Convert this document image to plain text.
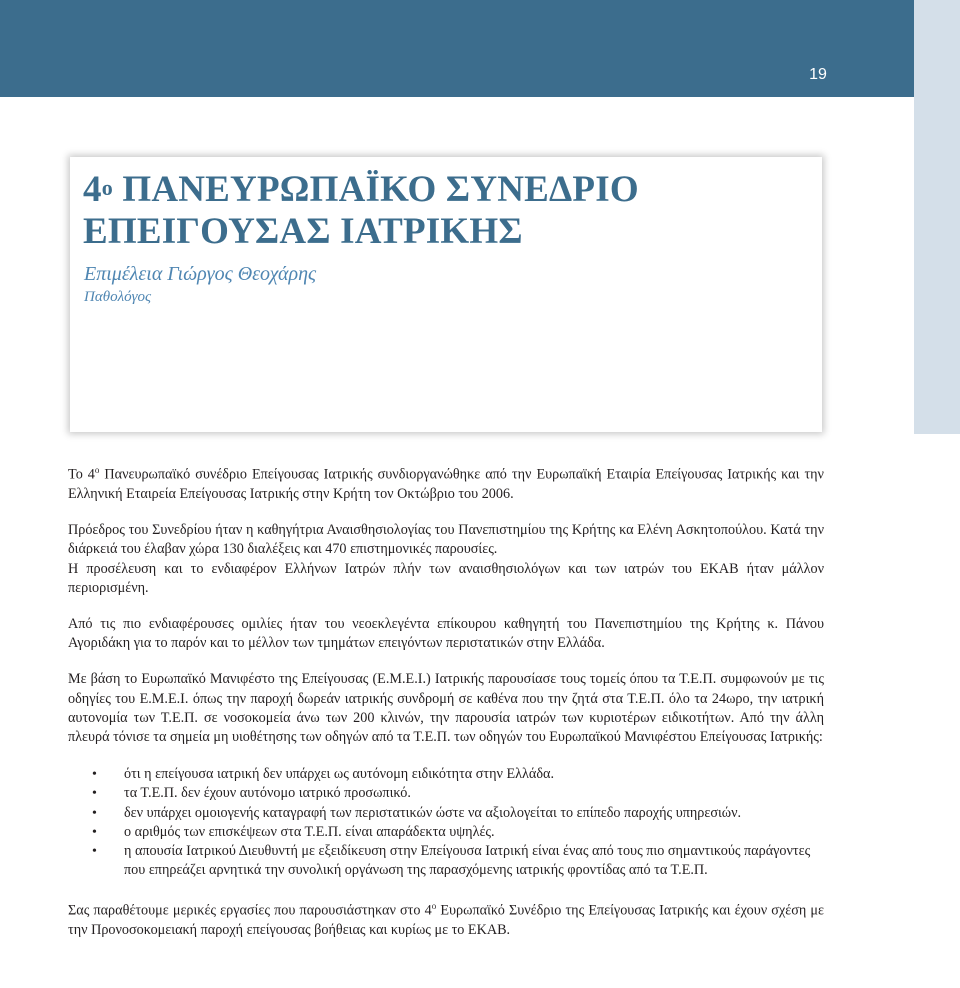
19
$4^o$ ΠΑΝΕΥΡΩΠΑΪΚΟ ΣΥΝΕΔΡΙΟ
ΕΠΕΙΓΟΥΣΑΣ ΙΑΤΡΙΚΗΣ
Επιμέλεια Γιώργος Θεοχάρης
Παθολόγος

Το $4^o$ Πανευρωπαϊκό συνέδριο Επείγουσας Ιατρικής συνδιοργανώθηκε από την Ευρωπαϊκή Εταιρία Επείγουσας Ιατρικής και την Ελληνική Εταιρεία Επείγουσας Ιατρικής στην Κρήτη τον Οκτώβριο του 2006.

Πρόεδρος του Συνεδρίου ήταν η καθηγήτρια Αναισθησιολογίας του Πανεπιστημίου της Κρήτης κα Ελένη Ασκητοπούλου. Κατά την διάρκειά του έλαβαν χώρα 130 διαλέξεις και 470 επιστημονικές παρουσίες.

Η προσέλευση και το ενδιαφέρον Ελλήνων Ιατρών πλήν των αναισθησιολόγων και των ιατρών του ΕΚΑΒ ήταν μάλλον περιορισμένη.

Από τις πιο ενδιαφέρουσες ομιλίες ήταν του νεοεκλεγέντα επίκουρου καθηγητή του Πανεπιστημίου της Κρήτης κ. Πάνου Αγοριδάκη για το παρόν και το μέλλον των τμημάτων επειγόντων περιστατικών στην Ελλάδα.

Με βάση το Ευρωπαϊκό Μανιφέστο της Επείγουσας (Ε.Μ.Ε.Ι.) Ιατρικής παρουσίασε τους τομείς όπου τα Τ.Ε.Π. συμφωνούν με τις οδηγίες του Ε.Μ.Ε.Ι. όπως την παροχή δωρεάν ιατρικής συνδρομή σε καθένα που την ζητά στα Τ.Ε.Π. όλο τα 24ωρο, την ιατρική αυτονομία των Τ.Ε.Π. σε νοσοκομεία άνω των 200 κλινών, την παρουσία ιατρών των κυριοτέρων ειδικοτήτων. Από την άλλη πλευρά τόνισε τα σημεία μη υιοθέτησης των οδηγών από τα Τ.Ε.Π. των οδηγών του Ευρωπαϊκού Μανιφέστου Επείγουσας Ιατρικής:

• ότι η επείγουσα ιατρική δεν υπάρχει ως αυτόνομη ειδικότητα στην Ελλάδα.
• τα Τ.Ε.Π. δεν έχουν αυτόνομο ιατρικό προσωπικό.
• δεν υπάρχει ομοιογενής καταγραφή των περιστατικών ώστε να αξιολογείται το επίπεδο παροχής υπηρεσιών.
• ο αριθμός των επισκέψεων στα Τ.Ε.Π. είναι απαράδεκτα υψηλές.
• η απουσία Ιατρικού Διευθυντή με εξειδίκευση στην Επείγουσα Ιατρική είναι ένας από τους πιο σημαντικούς παράγοντες που επηρεάζει αρνητικά την συνολική οργάνωση της παρασχόμενης ιατρικής φροντίδας από τα Τ.Ε.Π.

Σας παραθέτουμε μερικές εργασίες που παρουσιάστηκαν στο $4^o$ Ευρωπαϊκό Συνέδριο της Επείγουσας Ιατρικής και έχουν σχέση με την Προνοσοκομειακή παροχή επείγουσας βοήθειας και κυρίως με το ΕΚΑΒ.
